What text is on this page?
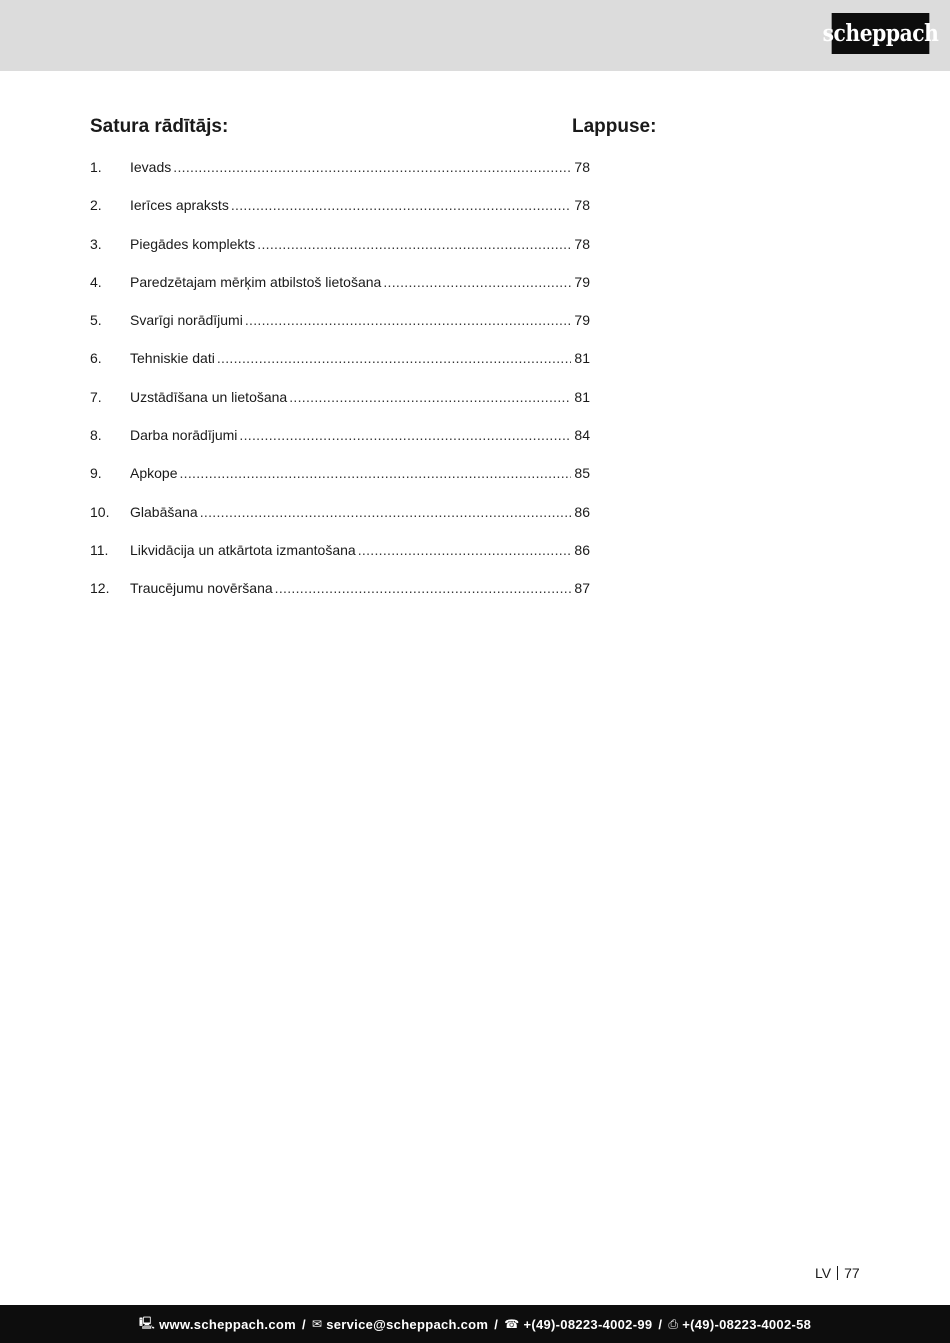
scheppach
Satura rādītājs:	Lappuse:
1. Ievads .....	78
2. Ierīces apraksts .....	78
3. Piegādes komplekts .....	78
4. Paredzētajam mērķim atbilstoš lietošana .....	79
5. Svarīgi norādījumi .....	79
6. Tehniskie dati .....	81
7. Uzstādīšana un lietošana .....	81
8. Darba norādījumi .....	84
9. Apkope .....	85
10. Glabāšana .....	86
11. Likvidācija un atkārtota izmantošana .....	86
12. Traucējumu novēršana .....	87
LV 77
🖳 www.scheppach.com / ✉ service@scheppach.com / ☎ +(49)-08223-4002-99 / ⎙ +(49)-08223-4002-58
